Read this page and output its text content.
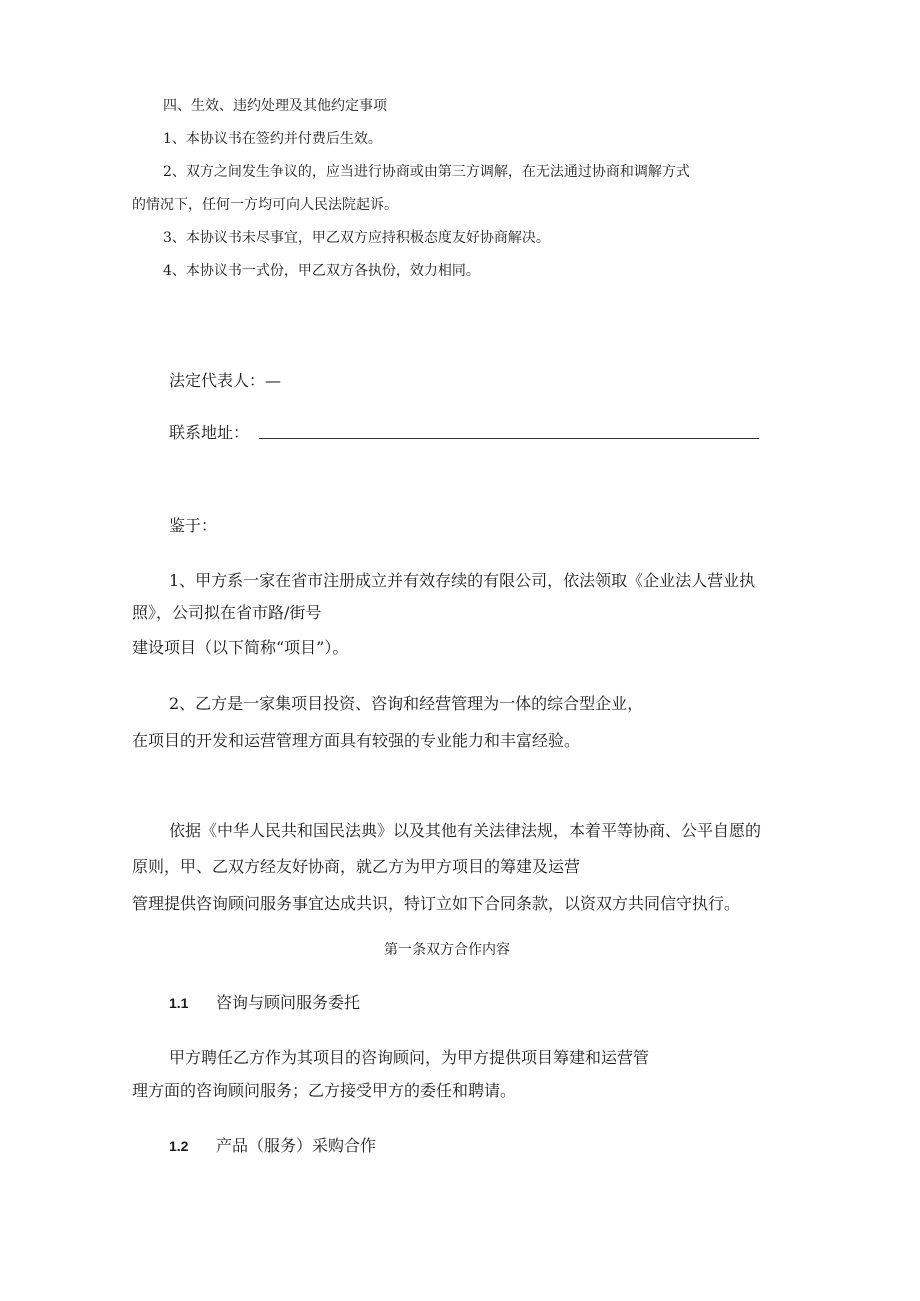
四、生效、违约处理及其他约定事项
1、本协议书在签约并付费后生效。
2、双方之间发生争议的，应当进行协商或由第三方调解，在无法通过协商和调解方式
的情况下，任何一方均可向人民法院起诉。
3、本协议书未尽事宜，甲乙双方应持积极态度友好协商解决。
4、本协议书一式份，甲乙双方各执份，效力相同。
法定代表人：—
联系地址：
鉴于：
1、甲方系一家在省市注册成立并有效存续的有限公司，依法领取《企业法人营业执
照》，公司拟在省市路/街号
建设项目（以下简称“项目”）。
2、乙方是一家集项目投资、咨询和经营管理为一体的综合型企业，
在项目的开发和运营管理方面具有较强的专业能力和丰富经验。
依据《中华人民共和国民法典》以及其他有关法律法规，本着平等协商、公平自愿的
原则，甲、乙双方经友好协商，就乙方为甲方项目的筹建及运营
管理提供咨询顾问服务事宜达成共识，特订立如下合同条款，以资双方共同信守执行。
第一条双方合作内容
1.1 咨询与顾问服务委托
甲方聘任乙方作为其项目的咨询顾问，为甲方提供项目筹建和运营管
理方面的咨询顾问服务；乙方接受甲方的委任和聘请。
1.2 产品（服务）采购合作
